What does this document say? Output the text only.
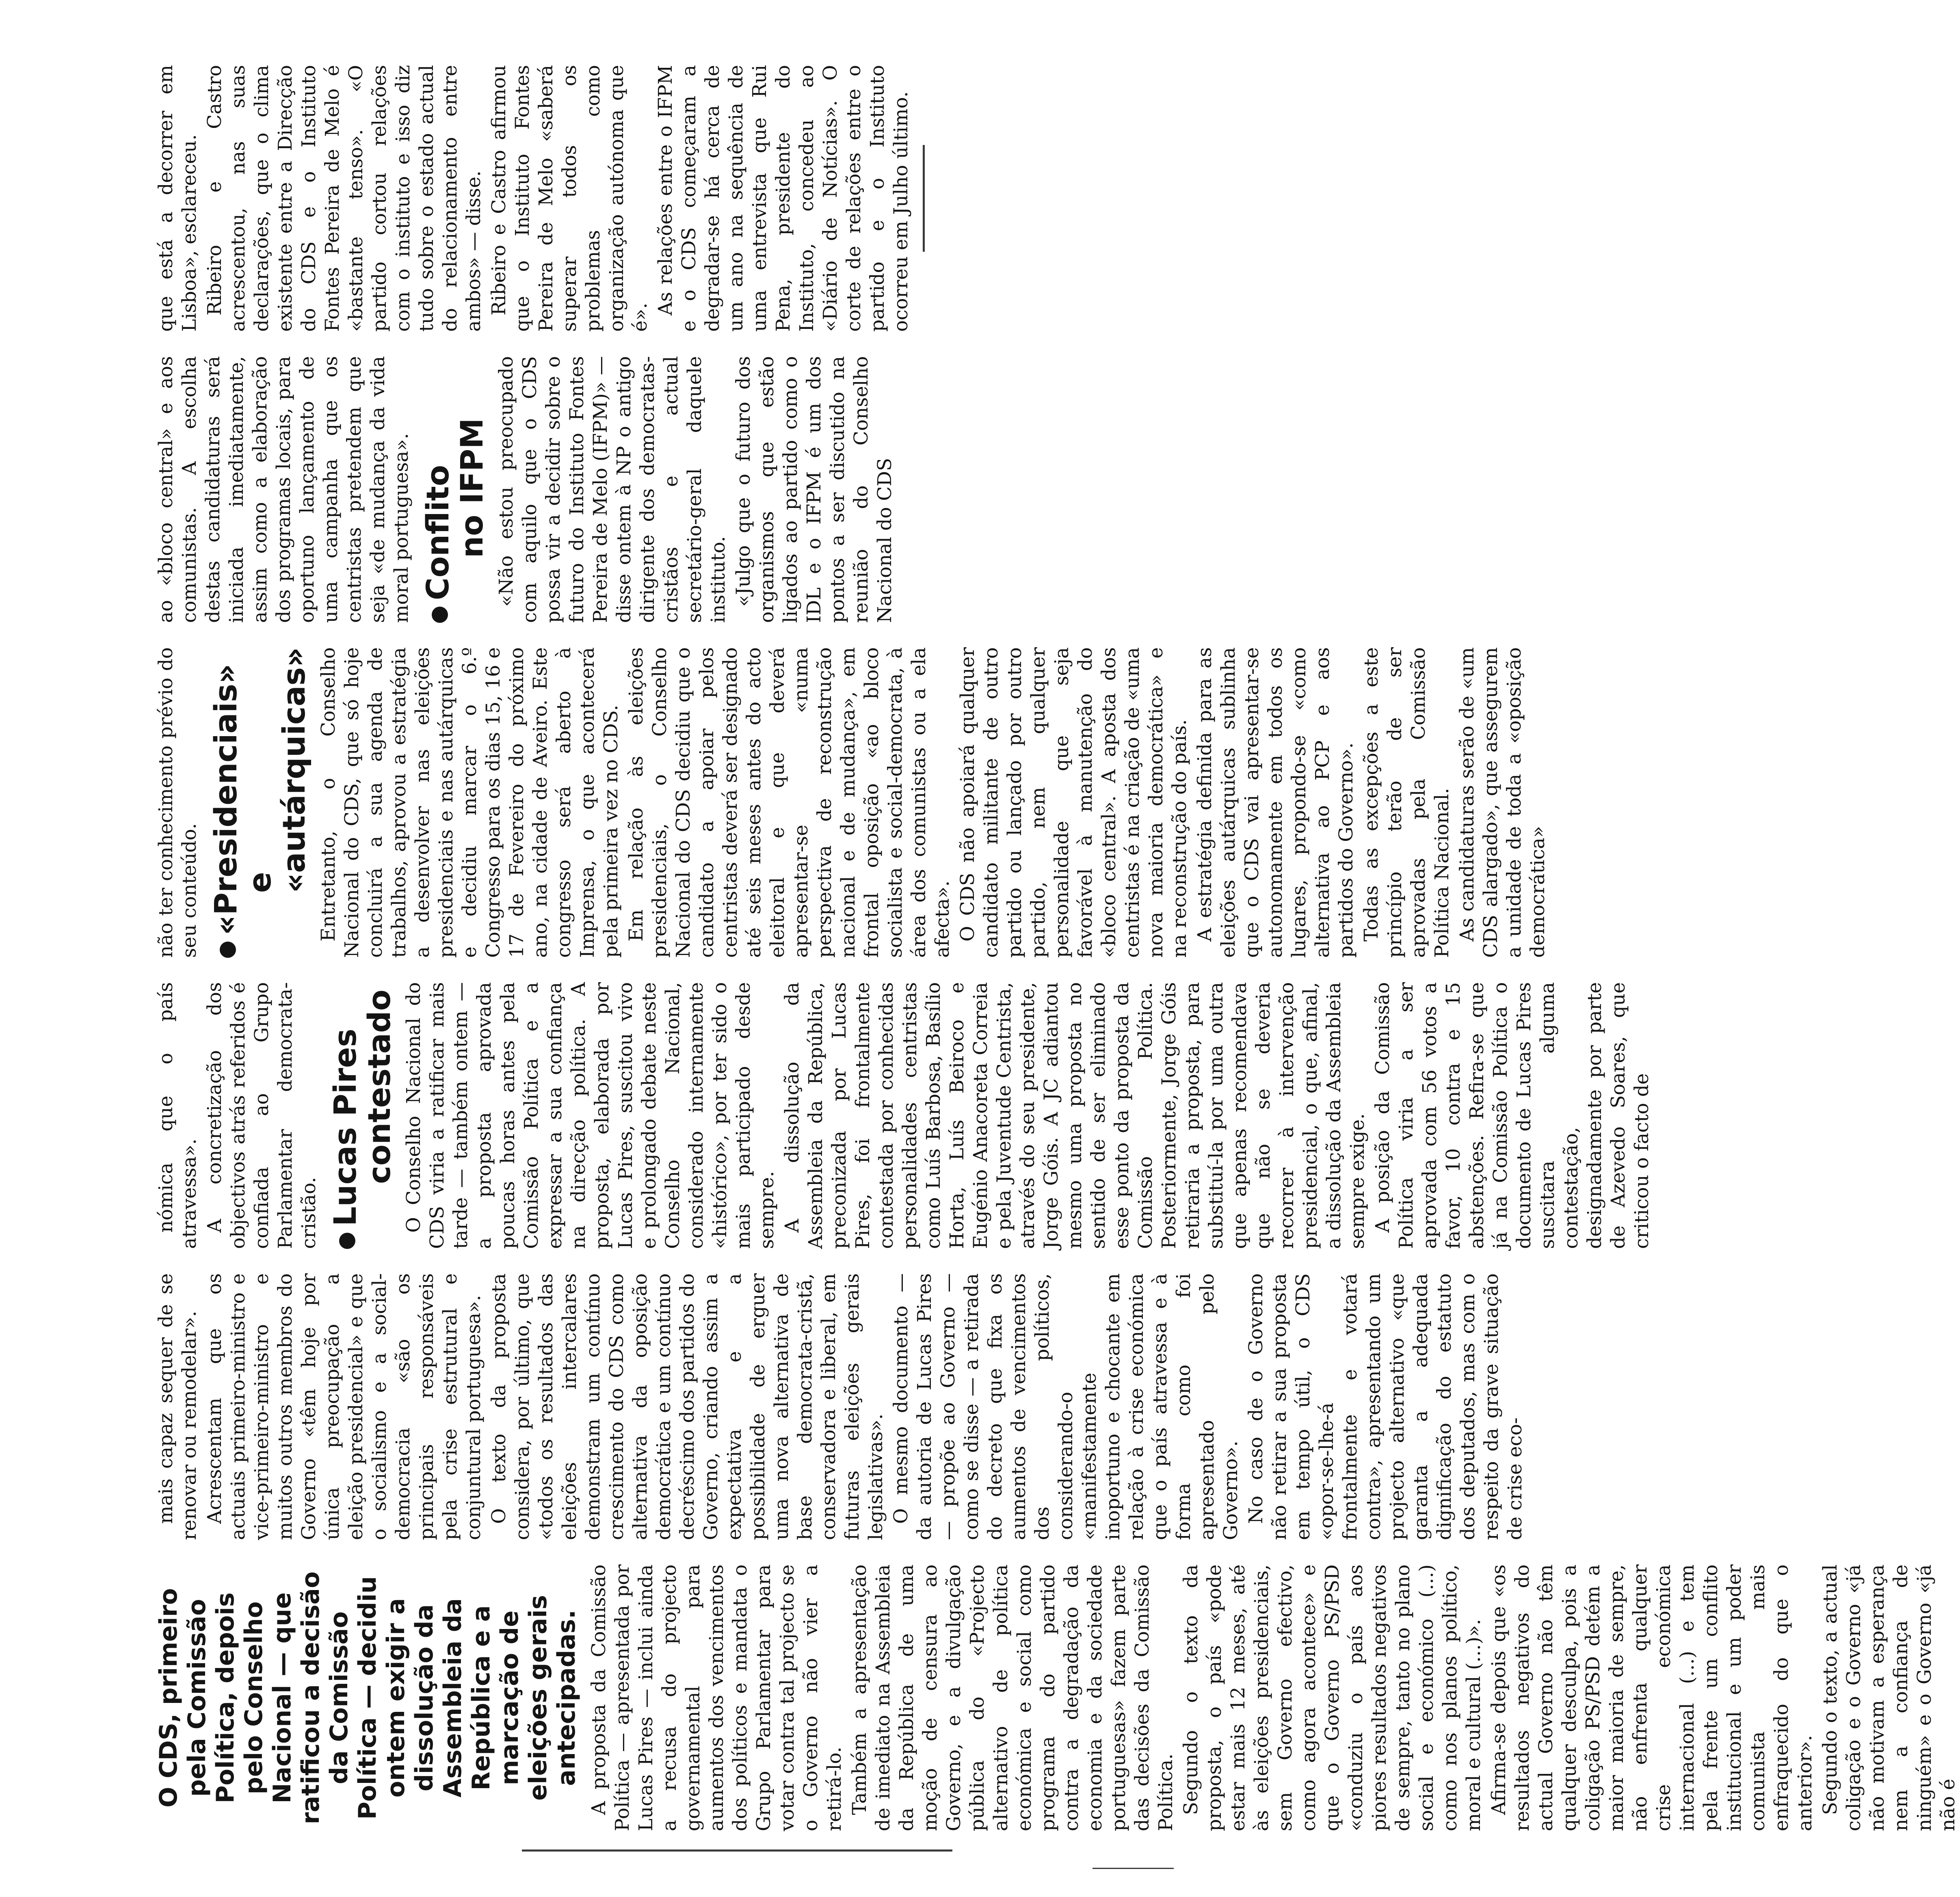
O CDS, primeiro pela Comissão Política, depois pelo Conselho Nacional — que ratificou a decisão da Comissão Política — decidiu ontem exigir a dissolução da Assembleia da República e a marcação de eleições gerais antecipadas. A proposta da Comissão Política — apresentada por Lucas Pires — inclui ainda a recusa do projecto governamental para aumentos dos vencimentos dos políticos e mandata o Grupo Parlamentar para votar contra tal projecto se o Governo não vier a retirá-lo. Também a apresentação de imediato na Assembleia da República de uma moção de censura ao Governo, e a divulgação pública do «Projecto alternativo de política económica e social como programa do partido contra a degradação da economia e da sociedade portuguesas» fazem parte das decisões da Comissão Política. Segundo o texto da proposta, o país «pode estar mais 12 meses, até às eleições presidenciais, sem Governo efectivo, como agora acontece» e que o Governo PS/PSD «conduziu o país aos piores resultados negativos de sempre, tanto no plano social e económico (...) como nos planos político, moral e cultural (...)». Afirma-se depois que «os resultados negativos do actual Governo não têm qualquer desculpa, pois a coligação PS/PSD detém a maior maioria de sempre, não enfrenta qualquer crise económica internacional (...) e tem pela frente um conflito institucional e um poder comunista mais enfraquecido do que o anterior». Segundo o texto, a actual coligação e o Governo «já não motivam a esperança nem a confiança de ninguém» e o Governo «já não é

mais capaz sequer de se renovar ou remodelar». Acrescentam que os actuais primeiro-ministro e vice-primeiro-ministro e muitos outros membros do Governo «têm hoje por única preocupação a eleição presidencial» e que o socialismo e a social-democracia «são os principais responsáveis pela crise estrutural e conjuntural portuguesa». O texto da proposta considera, por último, que «todos os resultados das eleições intercalares demonstram um contínuo crescimento do CDS como alternativa da oposição democrática e um contínuo decréscimo dos partidos do Governo, criando assim a expectativa e a possibilidade de erguer uma nova alternativa de base democrata-cristã, conservadora e liberal, em futuras eleições gerais legislativas». O mesmo documento — da autoria de Lucas Pires — propõe ao Governo — como se disse — a retirada do decreto que fixa os aumentos de vencimentos dos políticos, considerando-o «manifestamente inoportuno e chocante em relação à crise económica que o país atravessa e à forma como foi apresentado pelo Governo». No caso de o Governo não retirar a sua proposta em tempo útil, o CDS «opor-se-lhe-á frontalmente e votará contra», apresentando um projecto alternativo «que garanta a adequada dignificação do estatuto dos deputados, mas com o respeito da grave situação de crise eco-

nómica que o país atravessa». A concretização dos objectivos atrás referidos é confiada ao Grupo Parlamentar democrata-cristão. Lucas Pires
contestado O Conselho Nacional do CDS viria a ratificar mais tarde — também ontem — a proposta aprovada poucas horas antes pela Comissão Política e a expressar a sua confiança na direcção política. A proposta, elaborada por Lucas Pires, suscitou vivo e prolongado debate neste Conselho Nacional, considerado internamente «histórico», por ter sido o mais participado desde sempre. A dissolução da Assembleia da República, preconizada por Lucas Pires, foi frontalmente contestada por conhecidas personalidades centristas como Luís Barbosa, Basílio Horta, Luís Beiroco e Eugénio Anacoreta Correia e pela Juventude Centrista, através do seu presidente, Jorge Góis. A JC adiantou mesmo uma proposta no sentido de ser eliminado esse ponto da proposta da Comissão Política. Posteriormente, Jorge Góis retiraria a proposta, para substituí-la por uma outra que apenas recomendava que não se deveria recorrer à intervenção presidencial, o que, afinal, a dissolução da Assembleia sempre exige. A posição da Comissão Política viria a ser aprovada com 56 votos a favor, 10 contra e 15 abstenções. Refira-se que já na Comissão Política o documento de Lucas Pires suscitara alguma contestação, designadamente por parte de Azevedo Soares, que criticou o facto de

não ter conhecimento prévio do seu conteúdo. «Presidenciais»
e «autárquicas» Entretanto, o Conselho Nacional do CDS, que só hoje concluirá a sua agenda de trabalhos, aprovou a estratégia a desenvolver nas eleições presidenciais e nas autárquicas e decidiu marcar o 6.º Congresso para os dias 15, 16 e 17 de Fevereiro do próximo ano, na cidade de Aveiro. Este congresso será aberto à Imprensa, o que acontecerá pela primeira vez no CDS. Em relação às eleições presidenciais, o Conselho Nacional do CDS decidiu que o candidato a apoiar pelos centristas deverá ser designado até seis meses antes do acto eleitoral e que deverá apresentar-se «numa perspectiva de reconstrução nacional e de mudança», em frontal oposição «ao bloco socialista e social-democrata, à área dos comunistas ou a ela afecta». O CDS não apoiará qualquer candidato militante de outro partido ou lançado por outro partido, nem qualquer personalidade que seja favorável à manutenção do «bloco central». A aposta dos centristas é na criação de «uma nova maioria democrática» e na reconstrução do país. A estratégia definida para as eleições autárquicas sublinha que o CDS vai apresentar-se autonomamente em todos os lugares, propondo-se «como alternativa ao PCP e aos partidos do Governo». Todas as excepções a este princípio terão de ser aprovadas pela Comissão Política Nacional. As candidaturas serão de «um CDS alargado», que assegurem a unidade de toda a «oposição democrática»

ao «bloco central» e aos comunistas. A escolha destas candidaturas será iniciada imediatamente, assim como a elaboração dos programas locais, para oportuno lançamento de uma campanha que os centristas pretendem que seja «de mudança da vida moral portuguesa». Conflito
no IFPM «Não estou preocupado com aquilo que o CDS possa vir a decidir sobre o futuro do Instituto Fontes Pereira de Melo (IFPM)» — disse ontem à NP o antigo dirigente dos democratas-cristãos e actual secretário-geral daquele instituto. «Julgo que o futuro dos organismos que estão ligados ao partido como o IDL e o IFPM é um dos pontos a ser discutido na reunião do Conselho Nacional do CDS

que está a decorrer em Lisboa», esclareceu. Ribeiro e Castro acrescentou, nas suas declarações, que o clima existente entre a Direcção do CDS e o Instituto Fontes Pereira de Melo é «bastante tenso». «O partido cortou relações com o instituto e isso diz tudo sobre o estado actual do relacionamento entre ambos» — disse. Ribeiro e Castro afirmou que o Instituto Fontes Pereira de Melo «saberá superar todos os problemas como organização autónoma que é».

As relações entre o IFPM e o CDS começaram a degradar-se há cerca de um ano na sequência de uma entrevista que Rui Pena, presidente do Instituto, concedeu ao «Diário de Notícias». O corte de relações entre o partido e o Instituto ocorreu em Julho último.
